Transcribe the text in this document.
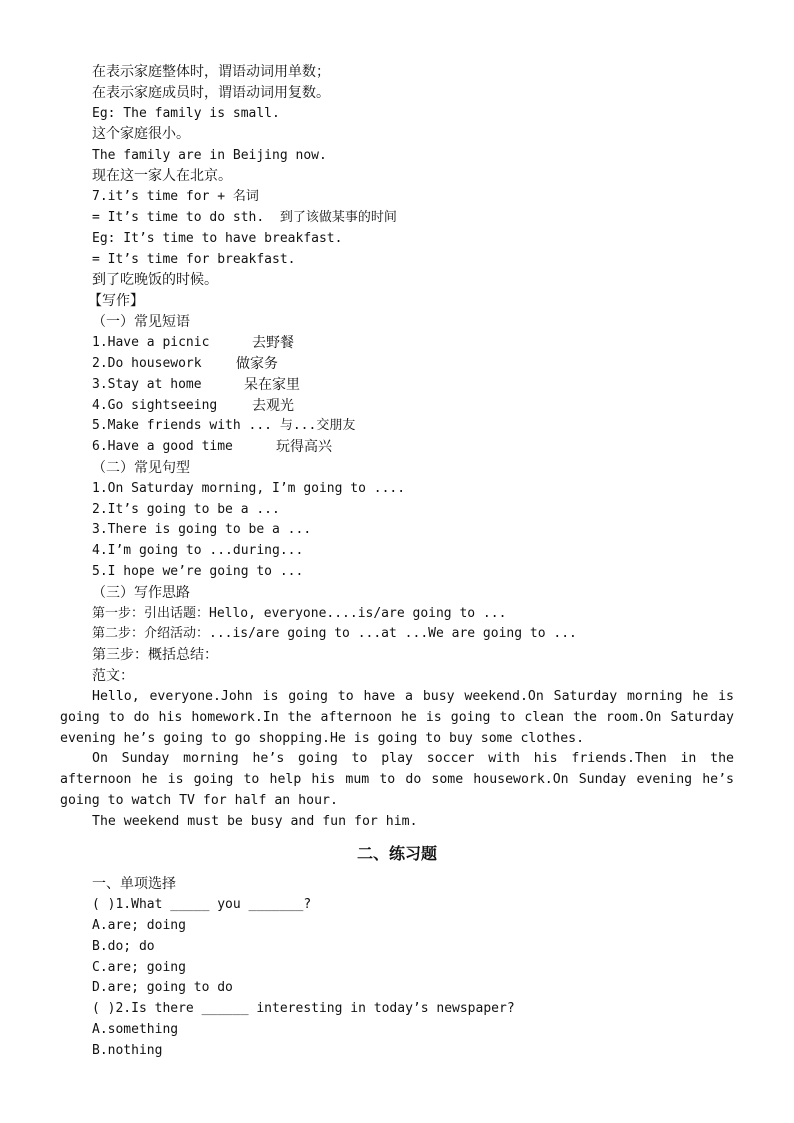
在表示家庭整体时，谓语动词用单数；
在表示家庭成员时，谓语动词用复数。
Eg: The family is small.
这个家庭很小。
The family are in Beijing now.
现在这一家人在北京。
7.it’s time for + 名词
= It’s time to do sth.  到了该做某事的时间
Eg: It’s time to have breakfast.
= It’s time for breakfast.
到了吃晚饭的时候。
【写作】
（一）常见短语
1.Have a picnic	去野餐
2.Do housework 做家务
3.Stay at home	呆在家里
4.Go sightseeing 去观光
5.Make friends with ... 与...交朋友
6.Have a good time	玩得高兴
（二）常见句型
1.On Saturday morning, I’m going to ....
2.It’s going to be a ...
3.There is going to be a ...
4.I’m going to ...during...
5.I hope we’re going to ...
（三）写作思路
第一步：引出话题：Hello, everyone....is/are going to ...
第二步：介绍活动：...is/are going to ...at ...We are going to ...
第三步：概括总结：
范文：

Hello, everyone.John is going to have a busy weekend.On Saturday morning he is going to do his homework.In the afternoon he is going to clean the room.On Saturday evening he’s going to go shopping.He is going to buy some clothes.

On Sunday morning he’s going to play soccer with his friends.Then in the afternoon he is going to help his mum to do some housework.On Sunday evening he’s going to watch TV for half an hour.

The weekend must be busy and fun for him.

二、练习题
一、单项选择
( )1.What _____ you _______?
A.are; doing
B.do; do
C.are; going
D.are; going to do
( )2.Is there ______ interesting in today’s newspaper?
A.something
B.nothing
